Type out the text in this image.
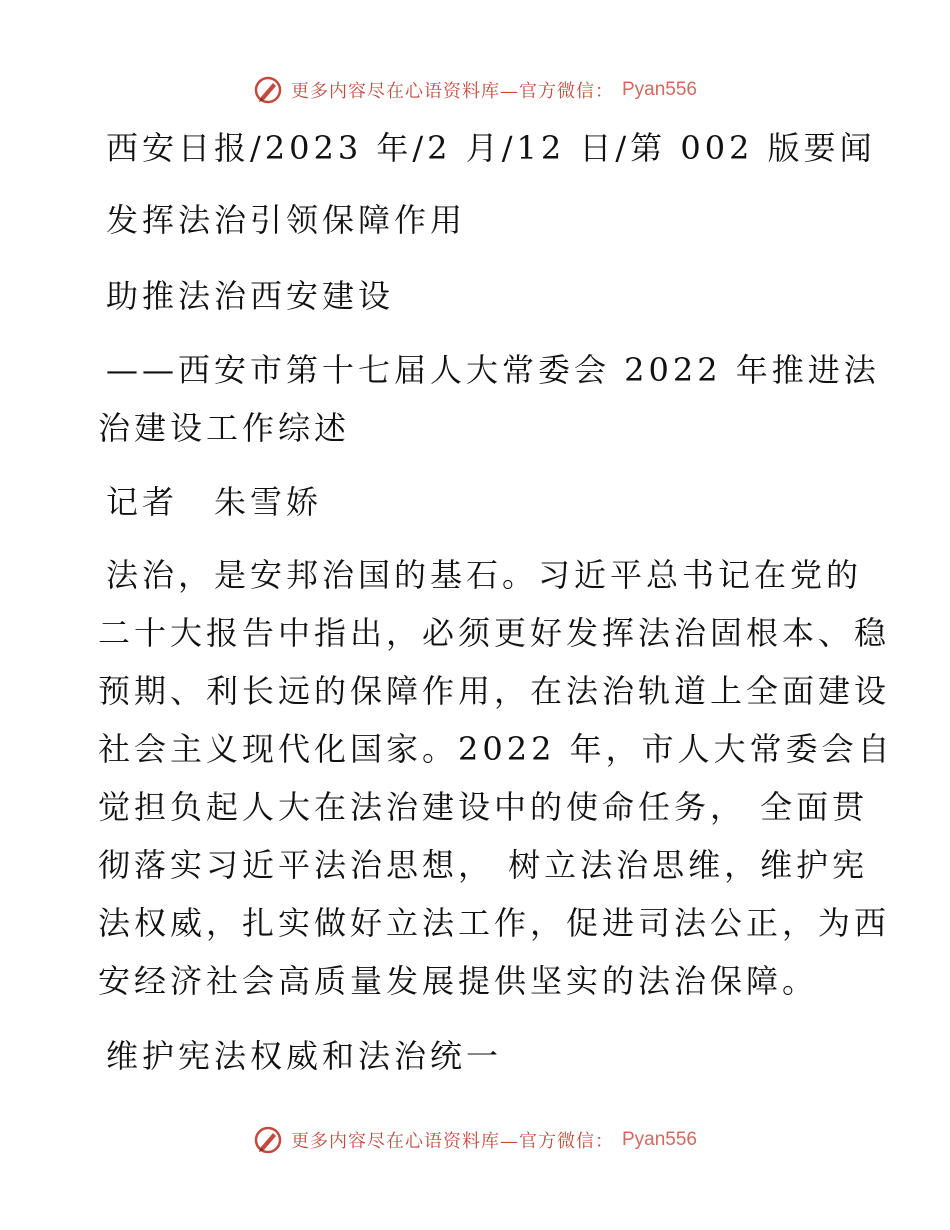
更多内容尽在心语资料库—官方微信： Pyan556
西安日报/2023 年/2 月/12 日/第 002 版要闻
发挥法治引领保障作用
助推法治西安建设
——西安市第十七届人大常委会 2022 年推进法
治建设工作综述
记者　朱雪娇
法治，是安邦治国的基石。习近平总书记在党的
二十大报告中指出，必须更好发挥法治固根本、稳
预期、利长远的保障作用，在法治轨道上全面建设
社会主义现代化国家。2022 年，市人大常委会自
觉担负起人大在法治建设中的使命任务， 全面贯
彻落实习近平法治思想， 树立法治思维，维护宪
法权威，扎实做好立法工作，促进司法公正，为西
安经济社会高质量发展提供坚实的法治保障。
维护宪法权威和法治统一
更多内容尽在心语资料库—官方微信： Pyan556
